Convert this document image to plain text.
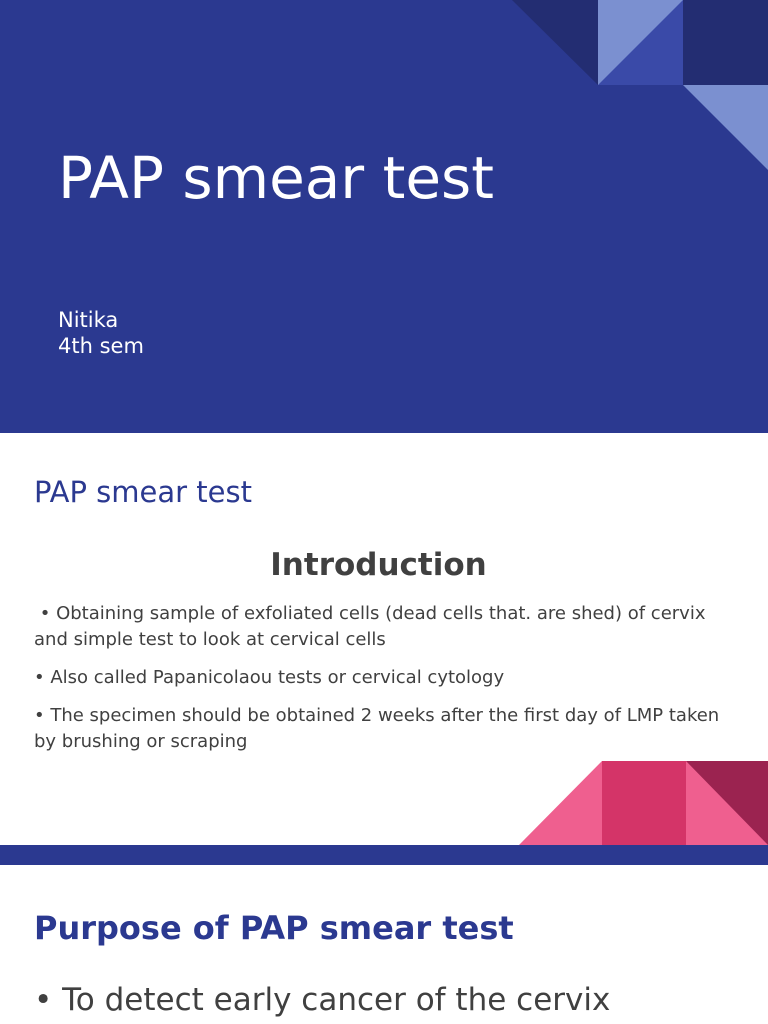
PAP smear test
Nitika
4th sem
PAP smear test
Introduction
• Obtaining sample of exfoliated cells (dead cells that. are shed) of cervix and simple test to look at cervical cells
• Also called Papanicolaou tests or cervical cytology
• The specimen should be obtained 2 weeks after the first day of LMP taken by brushing or scraping
Purpose of PAP smear test
• To detect early cancer of the cervix
